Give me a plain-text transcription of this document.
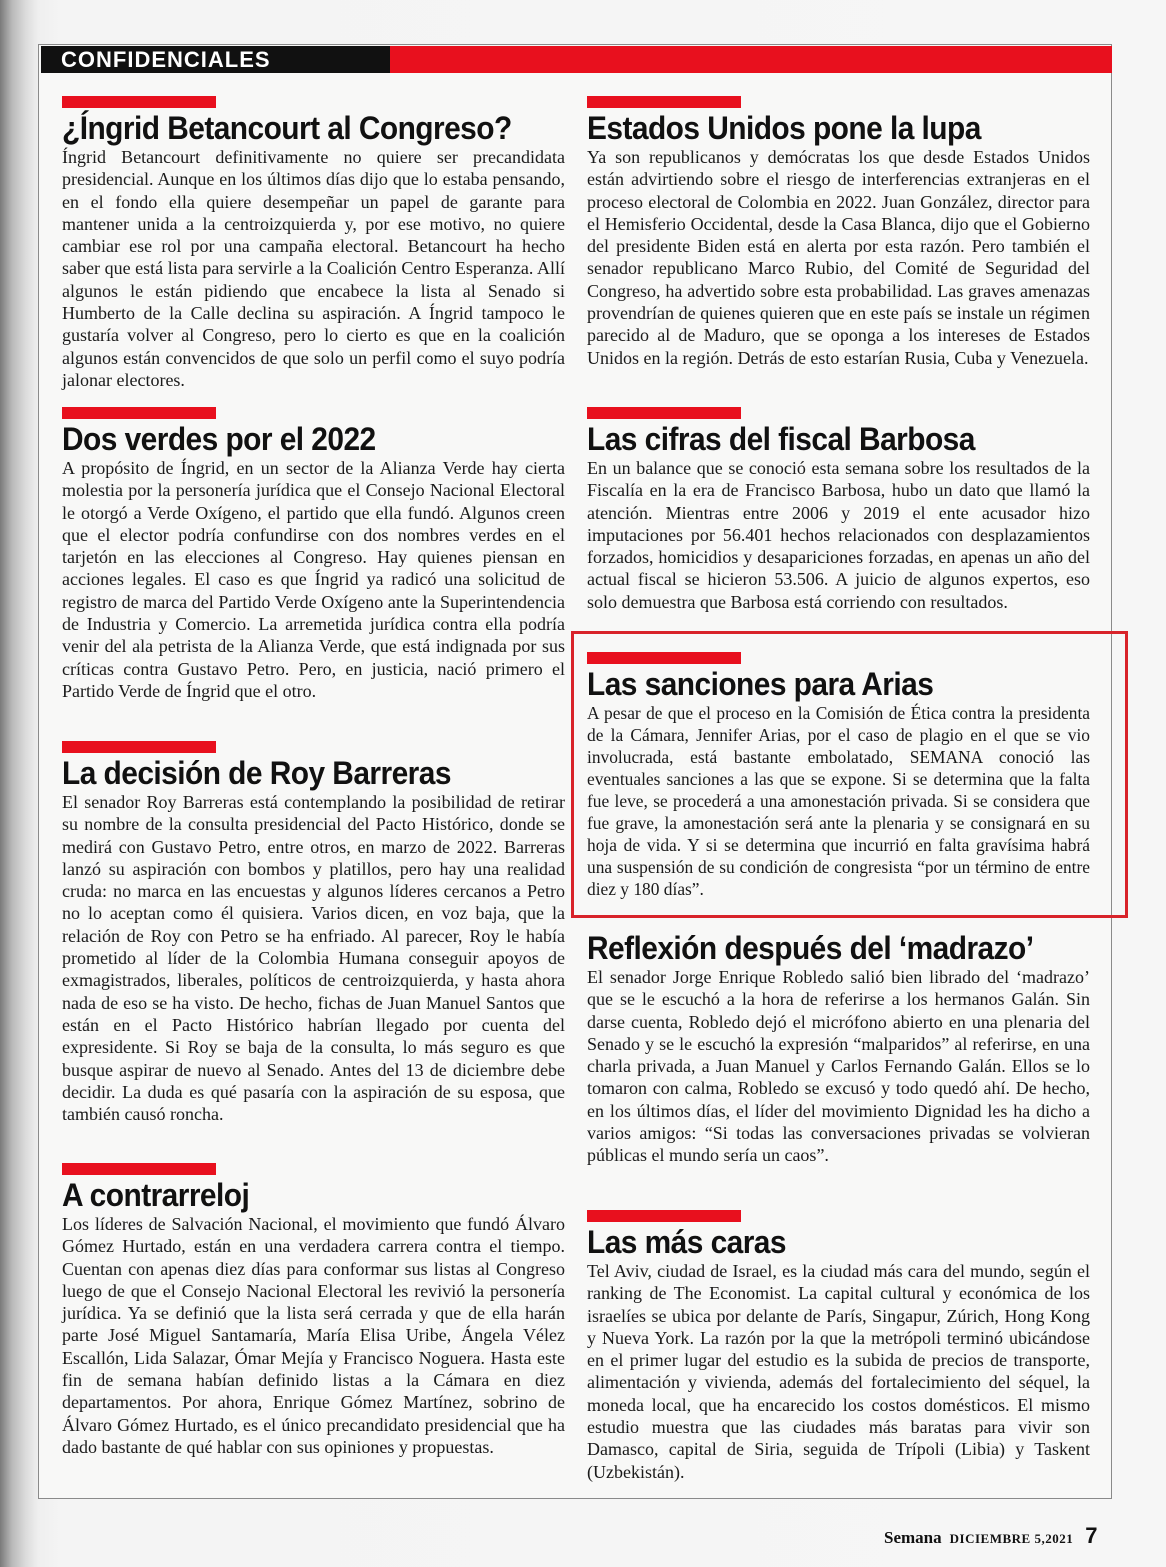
CONFIDENCIALES
¿Íngrid Betancourt al Congreso?

Íngrid Betancourt definitivamente no quiere ser precandidata presidencial. Aunque en los últimos días dijo que lo estaba pensando, en el fondo ella quiere desempeñar un papel de garante para mantener unida a la centroizquierda y, por ese motivo, no quiere cambiar ese rol por una campaña electoral. Betancourt ha hecho saber que está lista para servirle a la Coalición Centro Esperanza. Allí algunos le están pidiendo que encabece la lista al Senado si Humberto de la Calle declina su aspiración. A Íngrid tampoco le gustaría volver al Congreso, pero lo cierto es que en la coalición algunos están convencidos de que solo un perfil como el suyo podría jalonar electores.

Dos verdes por el 2022

A propósito de Íngrid, en un sector de la Alianza Verde hay cierta molestia por la personería jurídica que el Consejo Nacional Electoral le otorgó a Verde Oxígeno, el partido que ella fundó. Algunos creen que el elector podría confundirse con dos nombres verdes en el tarjetón en las elecciones al Congreso. Hay quienes piensan en acciones legales. El caso es que Íngrid ya radicó una solicitud de registro de marca del Partido Verde Oxígeno ante la Superintendencia de Industria y Comercio. La arremetida jurídica contra ella podría venir del ala petrista de la Alianza Verde, que está indignada por sus críticas contra Gustavo Petro. Pero, en justicia, nació primero el Partido Verde de Íngrid que el otro.

La decisión de Roy Barreras

El senador Roy Barreras está contemplando la posibilidad de retirar su nombre de la consulta presidencial del Pacto Histórico, donde se medirá con Gustavo Petro, entre otros, en marzo de 2022. Barreras lanzó su aspiración con bombos y platillos, pero hay una realidad cruda: no marca en las encuestas y algunos líderes cercanos a Petro no lo aceptan como él quisiera. Varios dicen, en voz baja, que la relación de Roy con Petro se ha enfriado. Al parecer, Roy le había prometido al líder de la Colombia Humana conseguir apoyos de exmagistrados, liberales, políticos de centroizquierda, y hasta ahora nada de eso se ha visto. De hecho, fichas de Juan Manuel Santos que están en el Pacto Histórico habrían llegado por cuenta del expresidente. Si Roy se baja de la consulta, lo más seguro es que busque aspirar de nuevo al Senado. Antes del 13 de diciembre debe decidir. La duda es qué pasaría con la aspiración de su esposa, que también causó roncha.

A contrarreloj

Los líderes de Salvación Nacional, el movimiento que fundó Álvaro Gómez Hurtado, están en una verdadera carrera contra el tiempo. Cuentan con apenas diez días para conformar sus listas al Congreso luego de que el Consejo Nacional Electoral les revivió la personería jurídica. Ya se definió que la lista será cerrada y que de ella harán parte José Miguel Santamaría, María Elisa Uribe, Ángela Vélez Escallón, Lida Salazar, Ómar Mejía y Francisco Noguera. Hasta este fin de semana habían definido listas a la Cámara en diez departamentos. Por ahora, Enrique Gómez Martínez, sobrino de Álvaro Gómez Hurtado, es el único precandidato presidencial que ha dado bastante de qué hablar con sus opiniones y propuestas.

Estados Unidos pone la lupa

Ya son republicanos y demócratas los que desde Estados Unidos están advirtiendo sobre el riesgo de interferencias extranjeras en el proceso electoral de Colombia en 2022. Juan González, director para el Hemisferio Occidental, desde la Casa Blanca, dijo que el Gobierno del presidente Biden está en alerta por esta razón. Pero también el senador republicano Marco Rubio, del Comité de Seguridad del Congreso, ha advertido sobre esta probabilidad. Las graves amenazas provendrían de quienes quieren que en este país se instale un régimen parecido al de Maduro, que se oponga a los intereses de Estados Unidos en la región. Detrás de esto estarían Rusia, Cuba y Venezuela.

Las cifras del fiscal Barbosa

En un balance que se conoció esta semana sobre los resultados de la Fiscalía en la era de Francisco Barbosa, hubo un dato que llamó la atención. Mientras entre 2006 y 2019 el ente acusador hizo imputaciones por 56.401 hechos relacionados con desplazamientos forzados, homicidios y desapariciones forzadas, en apenas un año del actual fiscal se hicieron 53.506. A juicio de algunos expertos, eso solo demuestra que Barbosa está corriendo con resultados.

Las sanciones para Arias

A pesar de que el proceso en la Comisión de Ética contra la presidenta de la Cámara, Jennifer Arias, por el caso de plagio en el que se vio involucrada, está bastante embolatado, SEMANA conoció las eventuales sanciones a las que se expone. Si se determina que la falta fue leve, se procederá a una amonestación privada. Si se considera que fue grave, la amonestación será ante la plenaria y se consignará en su hoja de vida. Y si se determina que incurrió en falta gravísima habrá una suspensión de su condición de congresista “por un término de entre diez y 180 días”.

Reflexión después del ‘madrazo’

El senador Jorge Enrique Robledo salió bien librado del ‘madrazo’ que se le escuchó a la hora de referirse a los hermanos Galán. Sin darse cuenta, Robledo dejó el micrófono abierto en una plenaria del Senado y se le escuchó la expresión “malparidos” al referirse, en una charla privada, a Juan Manuel y Carlos Fernando Galán. Ellos se lo tomaron con calma, Robledo se excusó y todo quedó ahí. De hecho, en los últimos días, el líder del movimiento Dignidad les ha dicho a varios amigos: “Si todas las conversaciones privadas se volvieran públicas el mundo sería un caos”.

Las más caras

Tel Aviv, ciudad de Israel, es la ciudad más cara del mundo, según el ranking de The Economist. La capital cultural y económica de los israelíes se ubica por delante de París, Singapur, Zúrich, Hong Kong y Nueva York. La razón por la que la metrópoli terminó ubicándose en el primer lugar del estudio es la subida de precios de transporte, alimentación y vivienda, además del fortalecimiento del séquel, la moneda local, que ha encarecido los costos domésticos. El mismo estudio muestra que las ciudades más baratas para vivir son Damasco, capital de Siria, seguida de Trípoli (Libia) y Taskent (Uzbekistán).

Semana DICIEMBRE 5,2021 7
